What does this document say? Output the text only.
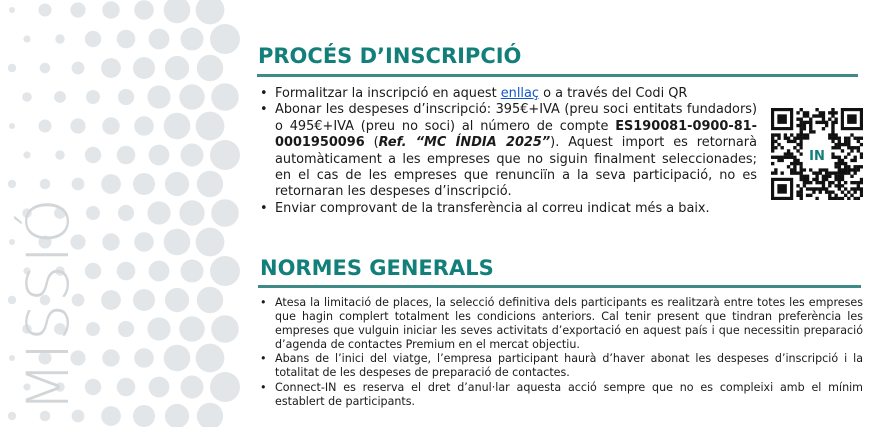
MISSIÓ
PROCÉS D’INSCRIPCIÓ
• Formalitzar la inscripció en aquest enllaç o a través del Codi QR
• Abonar les despeses d’inscripció: 395€+IVA (preu soci entitats fundadors) o 495€+IVA (preu no soci) al número de compte ES190081-0900-81-0001950096 (Ref. “MC ÍNDIA 2025”). Aquest import es retornarà automàticament a les empreses que no siguin finalment seleccionades; en el cas de les empreses que renunciïn a la seva participació, no es retornaran les despeses d’inscripció.
• Enviar comprovant de la transferència al correu indicat més a baix.
IN
NORMES GENERALS
• Atesa la limitació de places, la selecció definitiva dels participants es realitzarà entre totes les empreses que hagin complert totalment les condicions anteriors. Cal tenir present que tindran preferència les empreses que vulguin iniciar les seves activitats d’exportació en aquest país i que necessitin preparació d’agenda de contactes Premium en el mercat objectiu.
• Abans de l’inici del viatge, l’empresa participant haurà d’haver abonat les despeses d’inscripció i la totalitat de les despeses de preparació de contactes.
• Connect-IN es reserva el dret d’anul·lar aquesta acció sempre que no es compleixi amb el mínim establert de participants.
